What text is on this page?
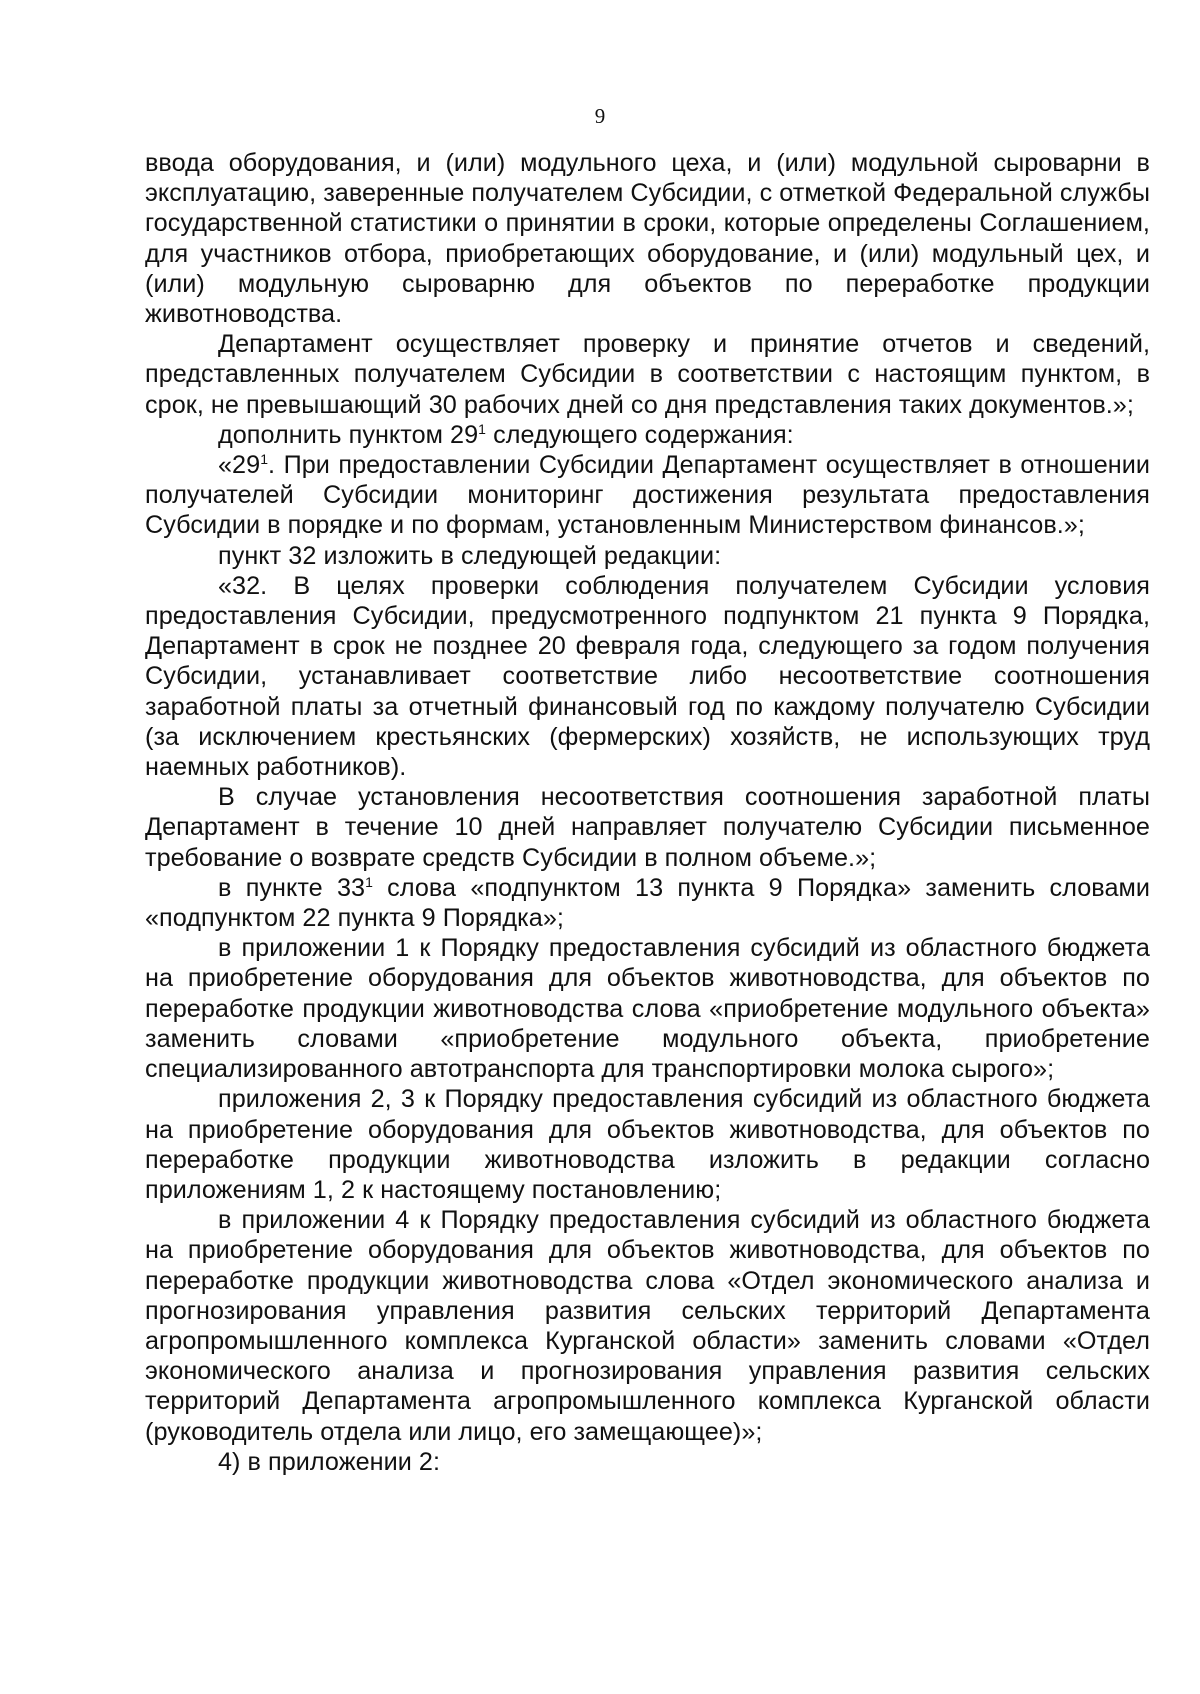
9

ввода оборудования, и (или) модульного цеха, и (или) модульной сыроварни в эксплуатацию, заверенные получателем Субсидии, с отметкой Федеральной службы государственной статистики о принятии в сроки, которые определены Соглашением, для участников отбора, приобретающих оборудование, и (или) модульный цех, и (или) модульную сыроварню для объектов по переработке продукции животноводства.

Департамент осуществляет проверку и принятие отчетов и сведений, представленных получателем Субсидии в соответствии с настоящим пунктом, в срок, не превышающий 30 рабочих дней со дня представления таких документов.»;

дополнить пунктом $29^1$ следующего содержания:

«$29^1$. При предоставлении Субсидии Департамент осуществляет в отношении получателей Субсидии мониторинг достижения результата предоставления Субсидии в порядке и по формам, установленным Министерством финансов.»;

пункт 32 изложить в следующей редакции:

«32. В целях проверки соблюдения получателем Субсидии условия предоставления Субсидии, предусмотренного подпунктом 21 пункта 9 Порядка, Департамент в срок не позднее 20 февраля года, следующего за годом получения Субсидии, устанавливает соответствие либо несоответствие соотношения заработной платы за отчетный финансовый год по каждому получателю Субсидии (за исключением крестьянских (фермерских) хозяйств, не использующих труд наемных работников).

В случае установления несоответствия соотношения заработной платы Департамент в течение 10 дней направляет получателю Субсидии письменное требование о возврате средств Субсидии в полном объеме.»;

в пункте $33^1$ слова «подпунктом 13 пункта 9 Порядка» заменить словами «подпунктом 22 пункта 9 Порядка»;

в приложении 1 к Порядку предоставления субсидий из областного бюджета на приобретение оборудования для объектов животноводства, для объектов по переработке продукции животноводства слова «приобретение модульного объекта» заменить словами «приобретение модульного объекта, приобретение специализированного автотранспорта для транспортировки молока сырого»;

приложения 2, 3 к Порядку предоставления субсидий из областного бюджета на приобретение оборудования для объектов животноводства, для объектов по переработке продукции животноводства изложить в редакции согласно приложениям 1, 2 к настоящему постановлению;

в приложении 4 к Порядку предоставления субсидий из областного бюджета на приобретение оборудования для объектов животноводства, для объектов по переработке продукции животноводства слова «Отдел экономического анализа и прогнозирования управления развития сельских территорий Департамента агропромышленного комплекса Курганской области» заменить словами «Отдел экономического анализа и прогнозирования управления развития сельских территорий Департамента агропромышленного комплекса Курганской области (руководитель отдела или лицо, его замещающее)»;

4) в приложении 2:
